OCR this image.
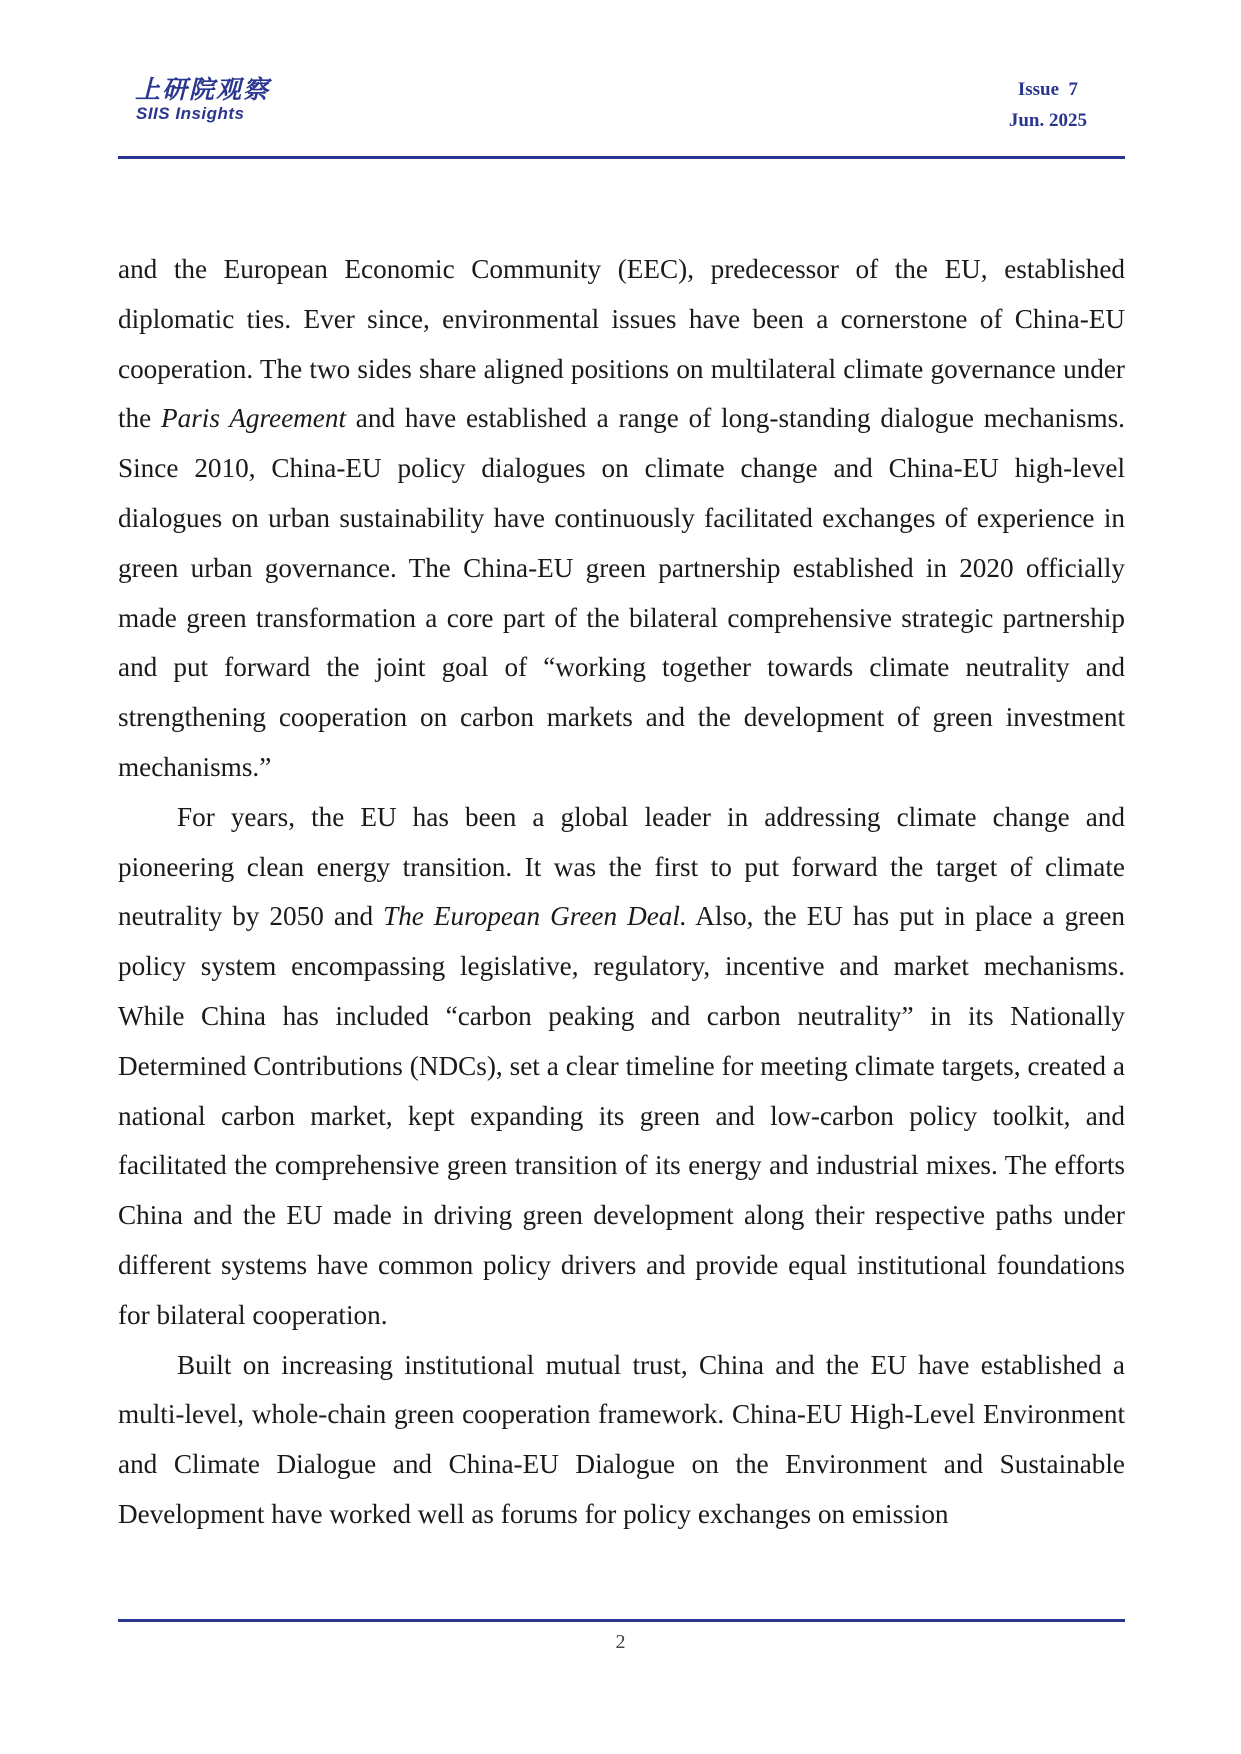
上研院观察
SIIS Insights
Issue  7
Jun. 2025

and the European Economic Community (EEC), predecessor of the EU, established diplomatic ties. Ever since, environmental issues have been a cornerstone of China-EU cooperation. The two sides share aligned positions on multilateral climate governance under the Paris Agreement and have established a range of long-standing dialogue mechanisms. Since 2010, China-EU policy dialogues on climate change and China-EU high-level dialogues on urban sustainability have continuously facilitated exchanges of experience in green urban governance. The China-EU green partnership established in 2020 officially made green transformation a core part of the bilateral comprehensive strategic partnership and put forward the joint goal of “working together towards climate neutrality and strengthening cooperation on carbon markets and the development of green investment mechanisms.”

For years, the EU has been a global leader in addressing climate change and pioneering clean energy transition. It was the first to put forward the target of climate neutrality by 2050 and The European Green Deal. Also, the EU has put in place a green policy system encompassing legislative, regulatory, incentive and market mechanisms. While China has included “carbon peaking and carbon neutrality” in its Nationally Determined Contributions (NDCs), set a clear timeline for meeting climate targets, created a national carbon market, kept expanding its green and low-carbon policy toolkit, and facilitated the comprehensive green transition of its energy and industrial mixes. The efforts China and the EU made in driving green development along their respective paths under different systems have common policy drivers and provide equal institutional foundations for bilateral cooperation.

Built on increasing institutional mutual trust, China and the EU have established a multi-level, whole-chain green cooperation framework. China-EU High-Level Environment and Climate Dialogue and China-EU Dialogue on the Environment and Sustainable Development have worked well as forums for policy exchanges on emission

2
